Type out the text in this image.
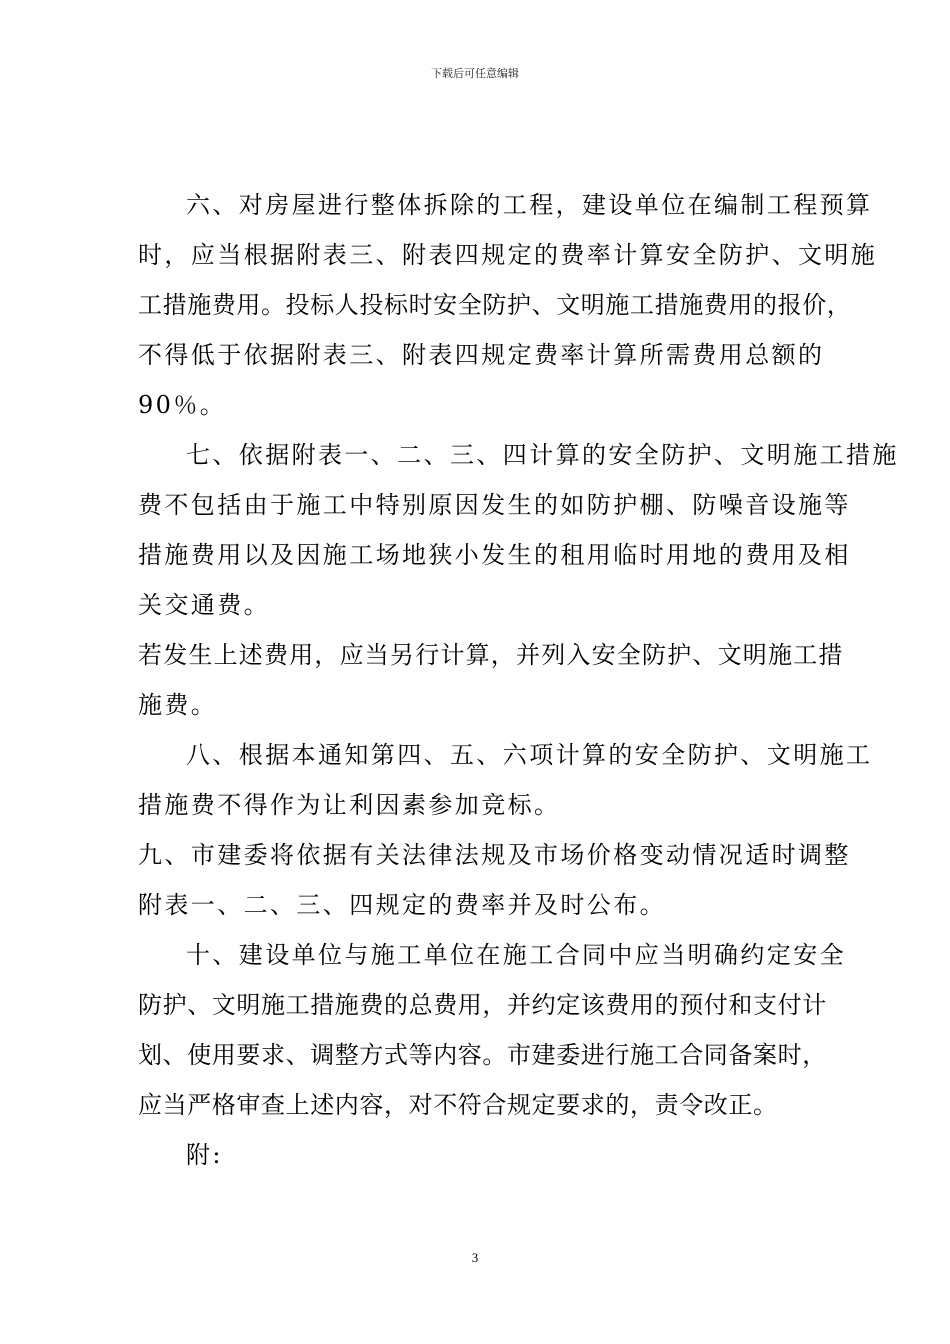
下载后可任意编辑
六、对房屋进行整体拆除的工程，建设单位在编制工程预算
时，应当根据附表三、附表四规定的费率计算安全防护、文明施
工措施费用。投标人投标时安全防护、文明施工措施费用的报价，
不得低于依据附表三、附表四规定费率计算所需费用总额的
90％。
七、依据附表一、二、三、四计算的安全防护、文明施工措施
费不包括由于施工中特别原因发生的如防护棚、防噪音设施等
措施费用以及因施工场地狭小发生的租用临时用地的费用及相
关交通费。
若发生上述费用，应当另行计算，并列入安全防护、文明施工措
施费。
八、根据本通知第四、五、六项计算的安全防护、文明施工
措施费不得作为让利因素参加竞标。
九、市建委将依据有关法律法规及市场价格变动情况适时调整
附表一、二、三、四规定的费率并及时公布。
十、建设单位与施工单位在施工合同中应当明确约定安全
防护、文明施工措施费的总费用，并约定该费用的预付和支付计
划、使用要求、调整方式等内容。市建委进行施工合同备案时，
应当严格审查上述内容，对不符合规定要求的，责令改正。
附:
3
